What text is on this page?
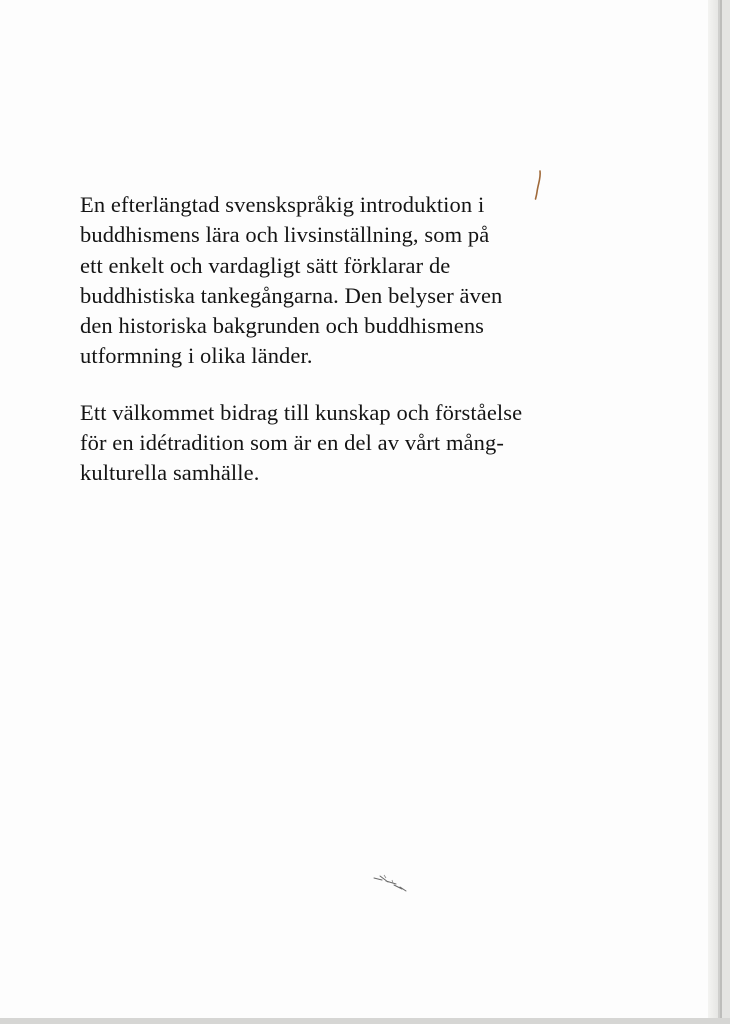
En efterlängtad svenskspråkig introduktion i
buddhismens lära och livsinställning, som på
ett enkelt och vardagligt sätt förklarar de
buddhistiska tankegångarna. Den belyser även
den historiska bakgrunden och buddhismens
utformning i olika länder.

Ett välkommet bidrag till kunskap och förståelse
för en idétradition som är en del av vårt mång-
kulturella samhälle.
